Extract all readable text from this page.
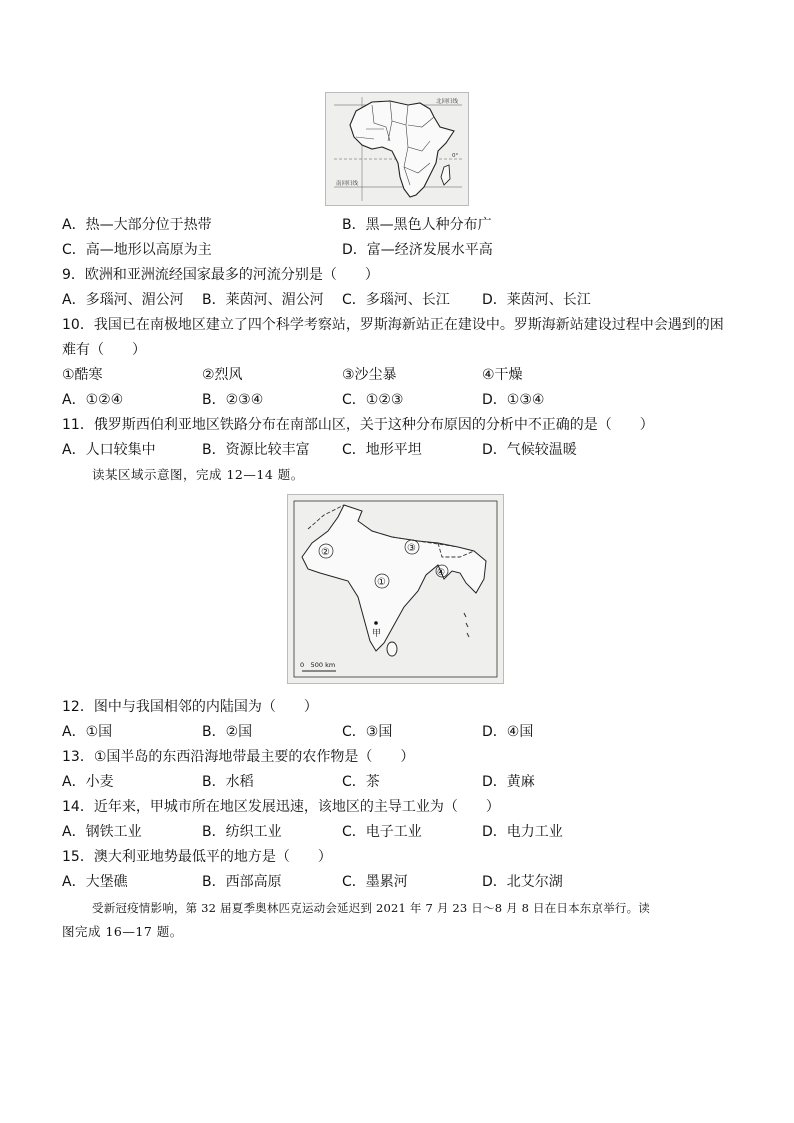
北回归线
南回归线
0°
A．热—大部分位于热带	B．黑—黑色人种分布广
C．高—地形以高原为主	D．富—经济发展水平高
9．欧洲和亚洲流经国家最多的河流分别是（　　）
A．多瑙河、湄公河 B．莱茵河、湄公河 C．多瑙河、长江 D．莱茵河、长江
10．我国已在南极地区建立了四个科学考察站，罗斯海新站正在建设中。罗斯海新站建设过程中会遇到的困
难有（　　）
①酷寒	②烈风	③沙尘暴	④干燥
A．①②④	B．②③④	C．①②③	D．①③④
11．俄罗斯西伯利亚地区铁路分布在南部山区，关于这种分布原因的分析中不正确的是（　　）
A．人口较集中	B．资源比较丰富 C．地形平坦	D．气候较温暖
读某区域示意图，完成 12—14 题。
②	③
①
④
甲
0　500 km
12．图中与我国相邻的内陆国为（　　）
A．①国	B．②国	C．③国	D．④国
13．①国半岛的东西沿海地带最主要的农作物是（　　）
A．小麦	B．水稻	C．茶	D．黄麻
14．近年来，甲城市所在地区发展迅速，该地区的主导工业为（　　）
A．钢铁工业	B．纺织工业	C．电子工业	D．电力工业
15．澳大利亚地势最低平的地方是（　　）
A．大堡礁	B．西部高原	C．墨累河	D．北艾尔湖
受新冠疫情影响，第 32 届夏季奥林匹克运动会延迟到 2021 年 7 月 23 日～8 月 8 日在日本东京举行。读
图完成 16—17 题。
